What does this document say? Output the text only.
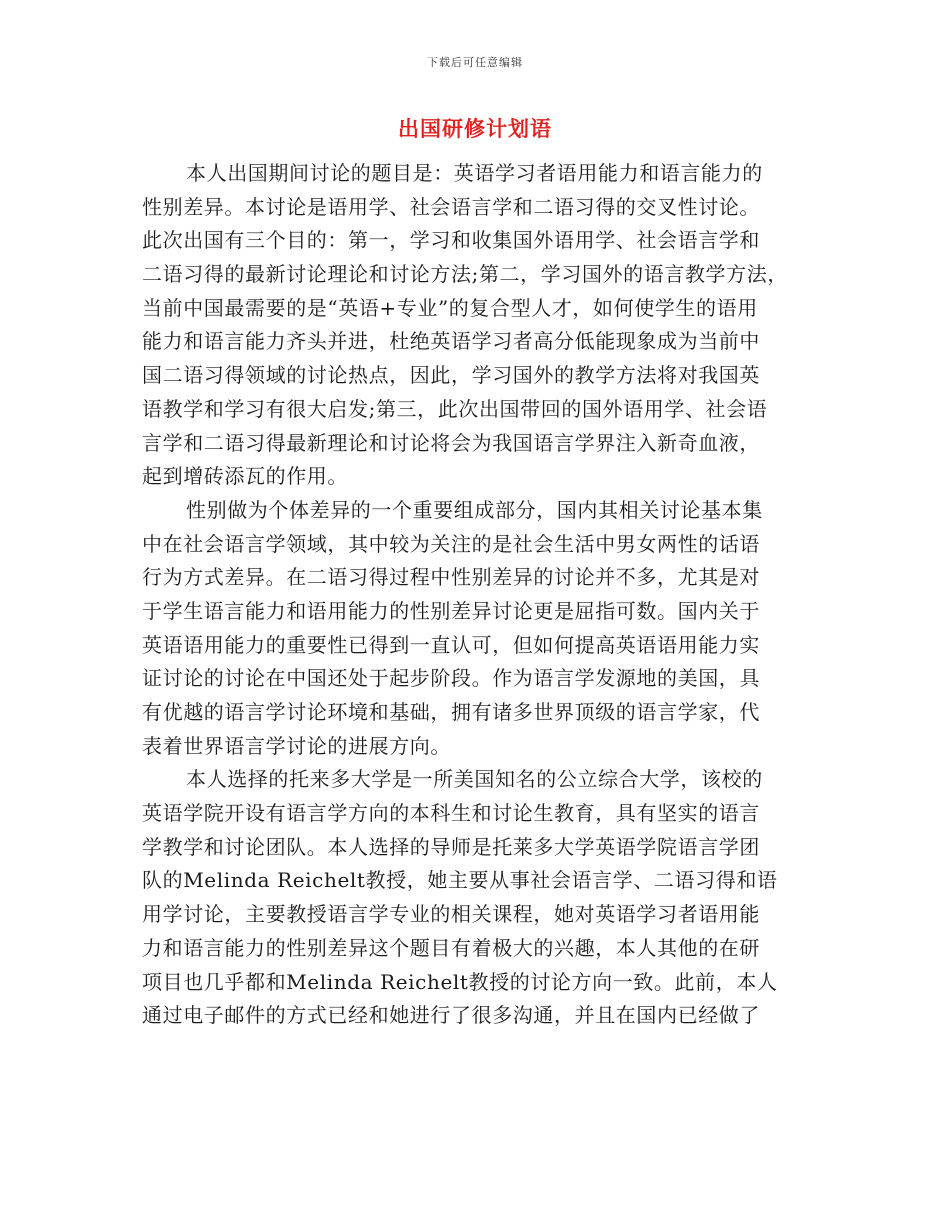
下载后可任意编辑
出国研修计划语
本人出国期间讨论的题目是：英语学习者语用能力和语言能力的
性别差异。本讨论是语用学、社会语言学和二语习得的交叉性讨论。
此次出国有三个目的：第一，学习和收集国外语用学、社会语言学和
二语习得的最新讨论理论和讨论方法;第二，学习国外的语言教学方法，
当前中国最需要的是“英语+专业”的复合型人才，如何使学生的语用
能力和语言能力齐头并进，杜绝英语学习者高分低能现象成为当前中
国二语习得领域的讨论热点，因此，学习国外的教学方法将对我国英
语教学和学习有很大启发;第三，此次出国带回的国外语用学、社会语
言学和二语习得最新理论和讨论将会为我国语言学界注入新奇血液，
起到增砖添瓦的作用。
性别做为个体差异的一个重要组成部分，国内其相关讨论基本集
中在社会语言学领域，其中较为关注的是社会生活中男女两性的话语
行为方式差异。在二语习得过程中性别差异的讨论并不多，尤其是对
于学生语言能力和语用能力的性别差异讨论更是屈指可数。国内关于
英语语用能力的重要性已得到一直认可，但如何提高英语语用能力实
证讨论的讨论在中国还处于起步阶段。作为语言学发源地的美国，具
有优越的语言学讨论环境和基础，拥有诸多世界顶级的语言学家，代
表着世界语言学讨论的进展方向。
本人选择的托来多大学是一所美国知名的公立综合大学，该校的
英语学院开设有语言学方向的本科生和讨论生教育，具有坚实的语言
学教学和讨论团队。本人选择的导师是托莱多大学英语学院语言学团
队的Melinda Reichelt教授，她主要从事社会语言学、二语习得和语
用学讨论，主要教授语言学专业的相关课程，她对英语学习者语用能
力和语言能力的性别差异这个题目有着极大的兴趣，本人其他的在研
项目也几乎都和Melinda Reichelt教授的讨论方向一致。此前，本人
通过电子邮件的方式已经和她进行了很多沟通，并且在国内已经做了
